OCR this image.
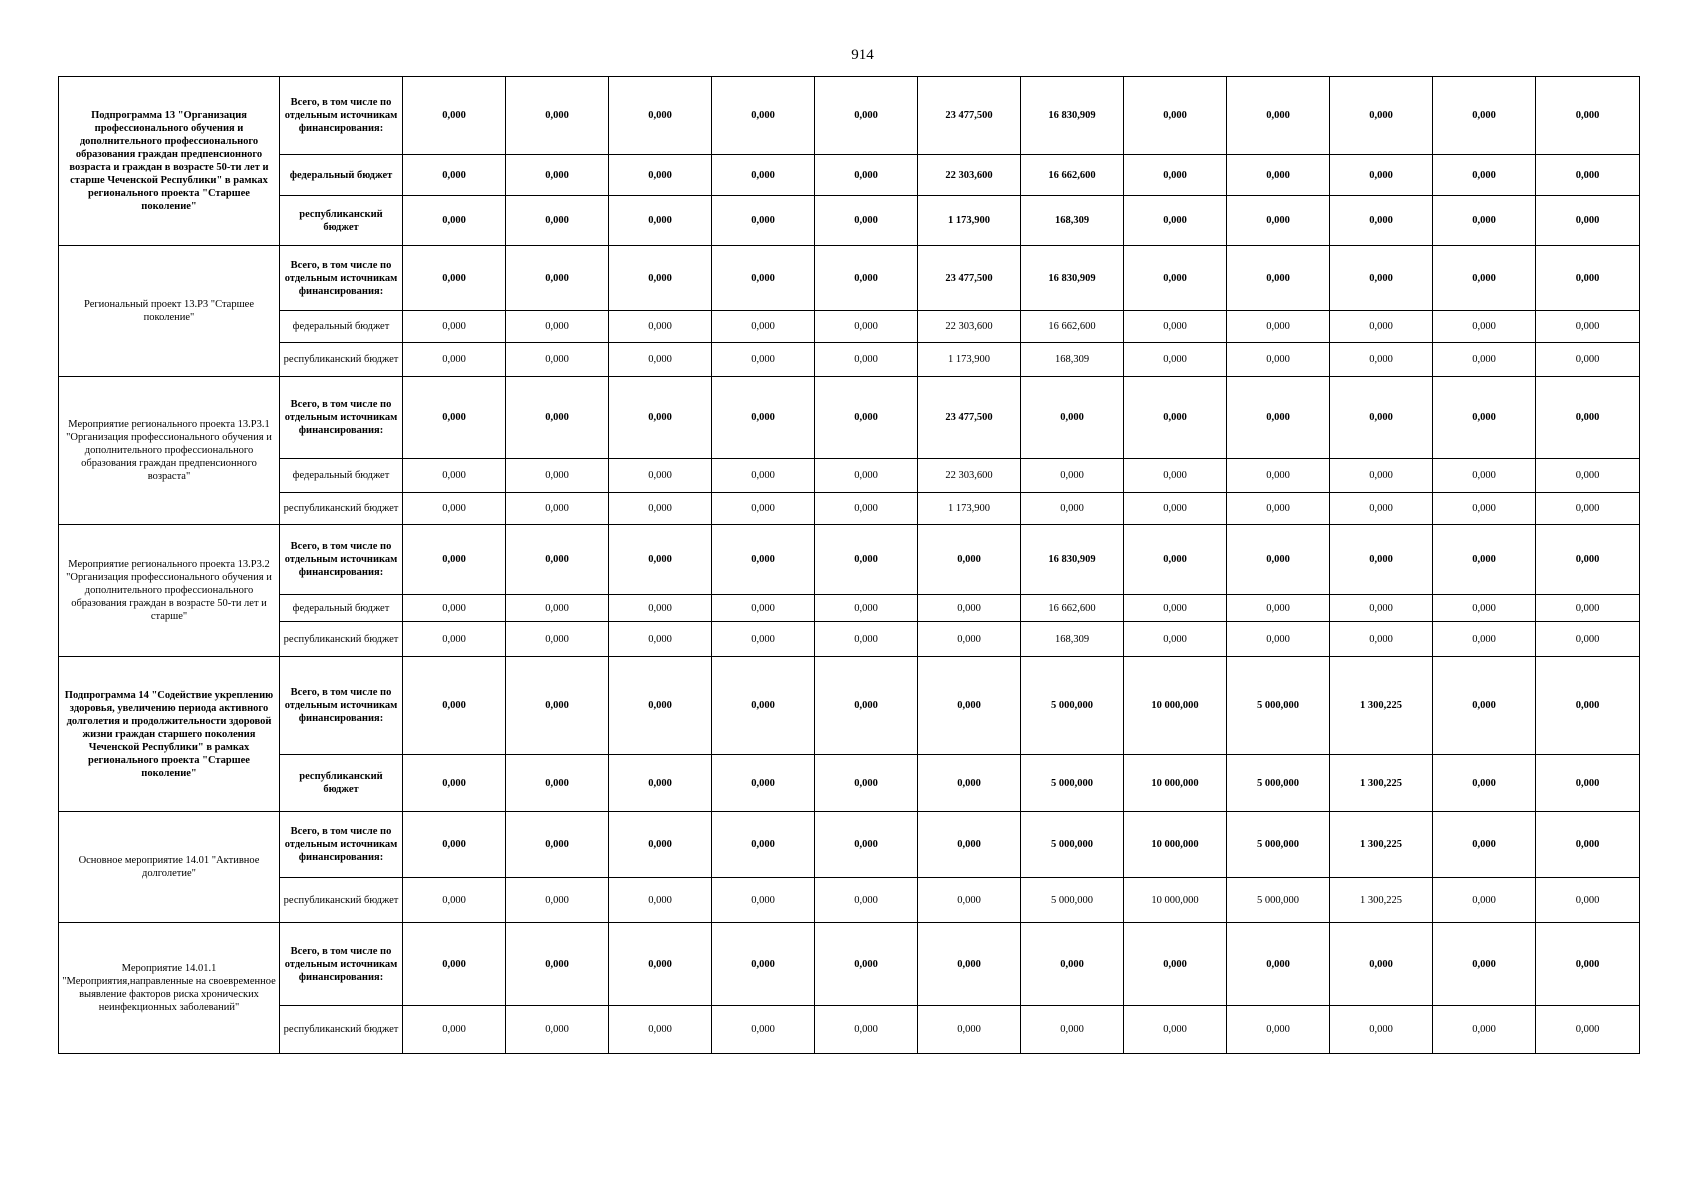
914
Подпрограмма 13 "Организация профессионального обучения и дополнительного профессионального образования граждан предпенсионного возраста и граждан в возрасте 50-ти лет и старше Чеченской Республики" в рамках регионального проекта "Старшее поколение"	Всего, в том числе по отдельным источникам финансирования:	0,000	0,000	0,000	0,000	0,000	23 477,500	16 830,909	0,000	0,000	0,000	0,000	0,000
	федеральный бюджет	0,000	0,000	0,000	0,000	0,000	22 303,600	16 662,600	0,000	0,000	0,000	0,000	0,000
	республиканский бюджет	0,000	0,000	0,000	0,000	0,000	1 173,900	168,309	0,000	0,000	0,000	0,000	0,000
Региональный проект 13.P3 "Старшее поколение"	Всего, в том числе по отдельным источникам финансирования:	0,000	0,000	0,000	0,000	0,000	23 477,500	16 830,909	0,000	0,000	0,000	0,000	0,000
	федеральный бюджет	0,000	0,000	0,000	0,000	0,000	22 303,600	16 662,600	0,000	0,000	0,000	0,000	0,000
	республиканский бюджет	0,000	0,000	0,000	0,000	0,000	1 173,900	168,309	0,000	0,000	0,000	0,000	0,000
Мероприятие регионального проекта 13.P3.1 "Организация профессионального обучения и дополнительного профессионального образования граждан предпенсионного возраста"	Всего, в том числе по отдельным источникам финансирования:	0,000	0,000	0,000	0,000	0,000	23 477,500	0,000	0,000	0,000	0,000	0,000	0,000
	федеральный бюджет	0,000	0,000	0,000	0,000	0,000	22 303,600	0,000	0,000	0,000	0,000	0,000	0,000
	республиканский бюджет	0,000	0,000	0,000	0,000	0,000	1 173,900	0,000	0,000	0,000	0,000	0,000	0,000
Мероприятие регионального проекта 13.P3.2 "Организация профессионального обучения и дополнительного профессионального образования граждан в возрасте 50-ти лет и старше"	Всего, в том числе по отдельным источникам финансирования:	0,000	0,000	0,000	0,000	0,000	0,000	16 830,909	0,000	0,000	0,000	0,000	0,000
	федеральный бюджет	0,000	0,000	0,000	0,000	0,000	0,000	16 662,600	0,000	0,000	0,000	0,000	0,000
	республиканский бюджет	0,000	0,000	0,000	0,000	0,000	0,000	168,309	0,000	0,000	0,000	0,000	0,000
Подпрограмма 14 "Содействие укреплению здоровья, увеличению периода активного долголетия и продолжительности здоровой жизни граждан старшего поколения Чеченской Республики" в рамках регионального проекта "Старшее поколение"	Всего, в том числе по отдельным источникам финансирования:	0,000	0,000	0,000	0,000	0,000	0,000	5 000,000	10 000,000	5 000,000	1 300,225	0,000	0,000
	республиканский бюджет	0,000	0,000	0,000	0,000	0,000	0,000	5 000,000	10 000,000	5 000,000	1 300,225	0,000	0,000
Основное мероприятие 14.01 "Активное долголетие"	Всего, в том числе по отдельным источникам финансирования:	0,000	0,000	0,000	0,000	0,000	0,000	5 000,000	10 000,000	5 000,000	1 300,225	0,000	0,000
	республиканский бюджет	0,000	0,000	0,000	0,000	0,000	0,000	5 000,000	10 000,000	5 000,000	1 300,225	0,000	0,000
Мероприятие 14.01.1 "Мероприятия,направленные на своевременное выявление факторов риска хронических неинфекционных заболеваний"	Всего, в том числе по отдельным источникам финансирования:	0,000	0,000	0,000	0,000	0,000	0,000	0,000	0,000	0,000	0,000	0,000	0,000
	республиканский бюджет	0,000	0,000	0,000	0,000	0,000	0,000	0,000	0,000	0,000	0,000	0,000	0,000
